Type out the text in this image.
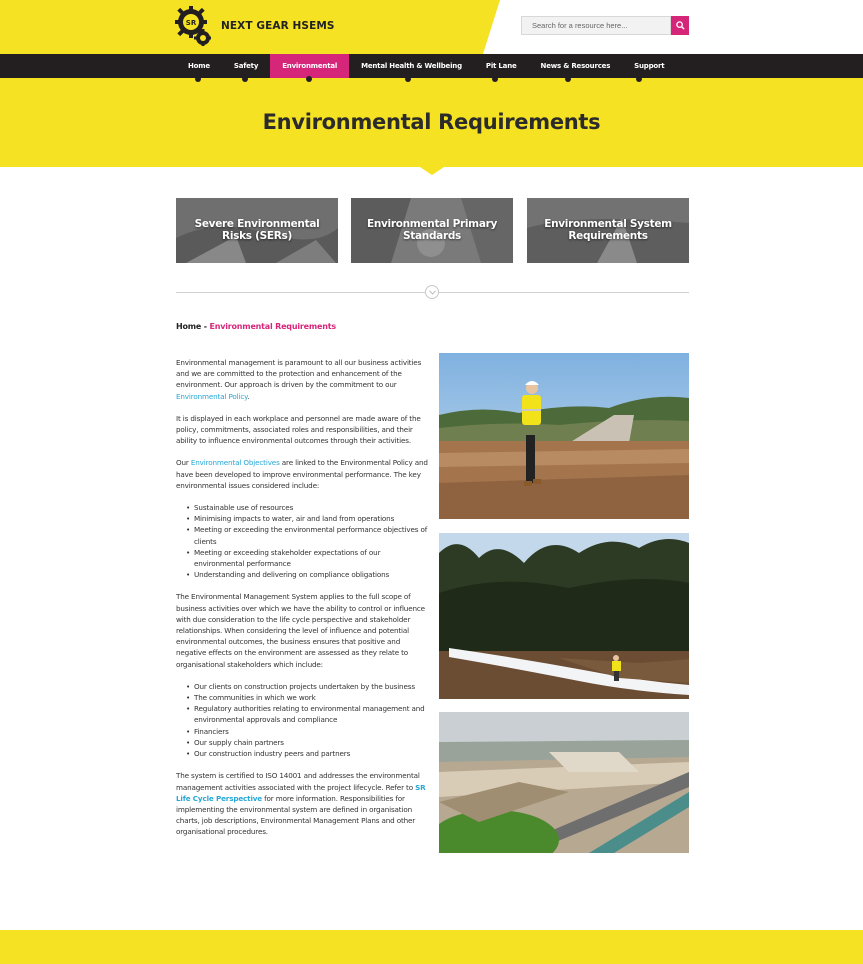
SR NEXT GEAR HSEMS
Search for a resource here...
Home	Safety	Environmental	Mental Health & Wellbeing	Pit Lane	News & Resources	Support
Environmental Requirements
Severe Environmental Risks (SERs)
Environmental Primary Standards
Environmental System Requirements
Home - Environmental Requirements

Environmental management is paramount to all our business activities and we are committed to the protection and enhancement of the environment. Our approach is driven by the commitment to our Environmental Policy.

It is displayed in each workplace and personnel are made aware of the policy, commitments, associated roles and responsibilities, and their ability to influence environmental outcomes through their activities.

Our Environmental Objectives are linked to the Environmental Policy and have been developed to improve environmental performance. The key environmental issues considered include:

• Sustainable use of resources
• Minimising impacts to water, air and land from operations
• Meeting or exceeding the environmental performance objectives of clients
• Meeting or exceeding stakeholder expectations of our environmental performance
• Understanding and delivering on compliance obligations

The Environmental Management System applies to the full scope of business activities over which we have the ability to control or influence with due consideration to the life cycle perspective and stakeholder relationships. When considering the level of influence and potential environmental outcomes, the business ensures that positive and negative effects on the environment are assessed as they relate to organisational stakeholders which include:

• Our clients on construction projects undertaken by the business
• The communities in which we work
• Regulatory authorities relating to environmental management and environmental approvals and compliance
• Financiers
• Our supply chain partners
• Our construction industry peers and partners

The system is certified to ISO 14001 and addresses the environmental management activities associated with the project lifecycle. Refer to SR Life Cycle Perspective for more information. Responsibilities for implementing the environmental system are defined in organisation charts, job descriptions, Environmental Management Plans and other organisational procedures.
